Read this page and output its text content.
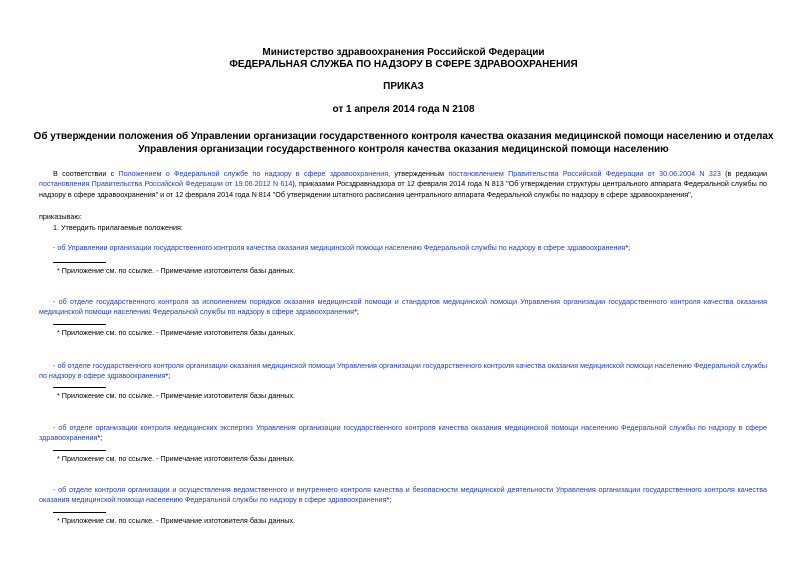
Министерство здравоохранения Российской Федерации
ФЕДЕРАЛЬНАЯ СЛУЖБА ПО НАДЗОРУ В СФЕРЕ ЗДРАВООХРАНЕНИЯ
ПРИКАЗ
от 1 апреля 2014 года N 2108
Об утверждении положения об Управлении организации государственного контроля качества оказания медицинской помощи населению и отделах Управления организации государственного контроля качества оказания медицинской помощи населению
В соответствии с Положением о Федеральной службе по надзору в сфере здравоохранения, утвержденным постановлением Правительства Российской Федерации от 30.06.2004 N 323 (в редакции постановления Правительства Российской Федерации от 19.06.2012 N 614), приказами Росздравнадзора от 12 февраля 2014 года N 813 "Об утверждении структуры центрального аппарата Федеральной службы по надзору в сфере здравоохранения" и от 12 февраля 2014 года N 814 "Об утверждении штатного расписания центрального аппарата Федеральной службы по надзору в сфере здравоохранения",
приказываю:
1. Утвердить прилагаемые положения:
- об Управлении организации государственного контроля качества оказания медицинской помощи населению Федеральной службы по надзору в сфере здравоохранения*;
* Приложение см. по ссылке. - Примечание изготовителя базы данных.
- об отделе государственного контроля за исполнением порядков оказания медицинской помощи и стандартов медицинской помощи Управления организации государственного контроля качества оказания медицинской помощи населению Федеральной службы по надзору в сфере здравоохранения*;
* Приложение см. по ссылке. - Примечание изготовителя базы данных.
- об отделе государственного контроля организации оказания медицинской помощи Управления организации государственного контроля качества оказания медицинской помощи населению Федеральной службы по надзору в сфере здравоохранения*;
* Приложение см. по ссылке. - Примечание изготовителя базы данных.
- об отделе организации контроля медицинских экспертиз Управления организации государственного контроля качества оказания медицинской помощи населению Федеральной службы по надзору в сфере здравоохранения*;
* Приложение см. по ссылке. - Примечание изготовителя базы данных.
- об отделе контроля организации и осуществления ведомственного и внутреннего контроля качества и безопасности медицинской деятельности Управления организации государственного контроля качества оказания медицинской помощи населению Федеральной службы по надзору в сфере здравоохранения*;
* Приложение см. по ссылке. - Примечание изготовителя базы данных.
